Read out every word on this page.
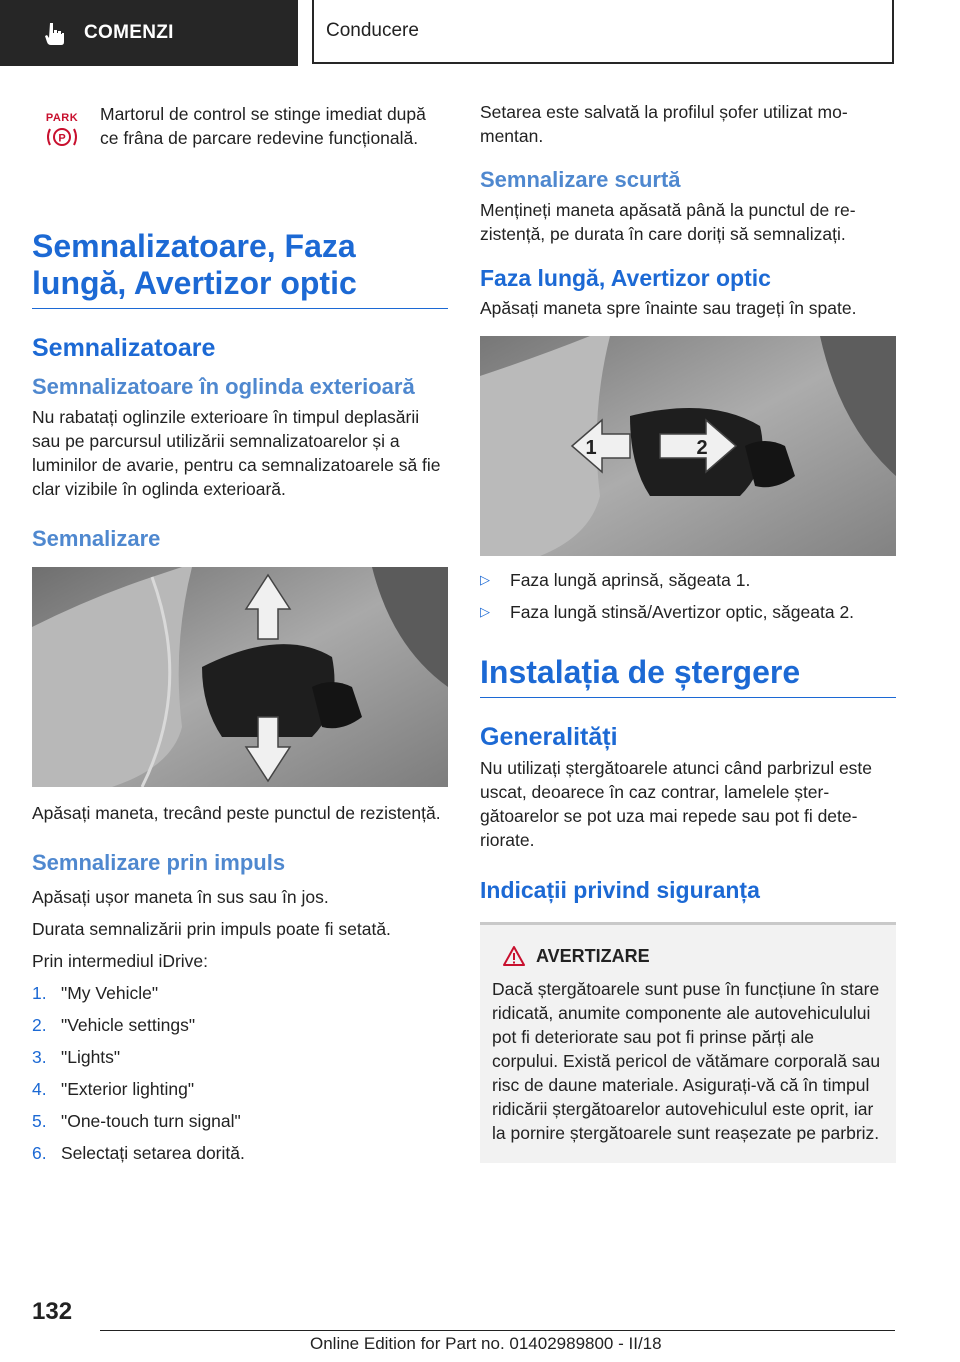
COMENZI	Conducere
PARK
P

Martorul de control se stinge imediat după ce frâna de parcare redevine funcțională.

Semnalizatoare, Faza lungă, Avertizor optic
Semnalizatoare
Semnalizatoare în oglinda exterioară

Nu rabatați oglinzile exterioare în timpul deplasării sau pe parcursul utilizării semnalizatoarelor și a luminilor de avarie, pentru ca semnalizatoarele să fie clar vizibile în oglinda exterioară.

Semnalizare

Apăsați maneta, trecând peste punctul de rezistență.

Semnalizare prin impuls

Apăsați ușor maneta în sus sau în jos.

Durata semnalizării prin impuls poate fi setată.

Prin intermediul iDrive:

1. "My Vehicle"
2. "Vehicle settings"
3. "Lights"
4. "Exterior lighting"
5. "One-touch turn signal"
6. Selectați setarea dorită.

Setarea este salvată la profilul șofer utilizat momentan.

Semnalizare scurtă

Mențineți maneta apăsată până la punctul de rezistență, pe durata în care doriți să semnalizați.

Faza lungă, Avertizor optic

Apăsați maneta spre înainte sau trageți în spate.

1	2
▷	Faza lungă aprinsă, săgeata 1.
▷	Faza lungă stinsă/Avertizor optic, săgeata 2.
Instalația de ștergere
Generalități

Nu utilizați ștergătoarele atunci când parbrizul este uscat, deoarece în caz contrar, lamelele ștergătoarelor se pot uza mai repede sau pot fi deteriorate.

Indicații privind siguranța
AVERTIZARE

Dacă ștergătoarele sunt puse în funcțiune în stare ridicată, anumite componente ale autovehiculului pot fi deteriorate sau pot fi prinse părți ale corpului. Există pericol de vătămare corporală sau risc de daune materiale. Asigurați-vă că în timpul ridicării ștergătoarelor autovehiculul este oprit, iar la pornire ștergătoarele sunt reașezate pe parbriz.

132
Online Edition for Part no. 01402989800 - II/18
